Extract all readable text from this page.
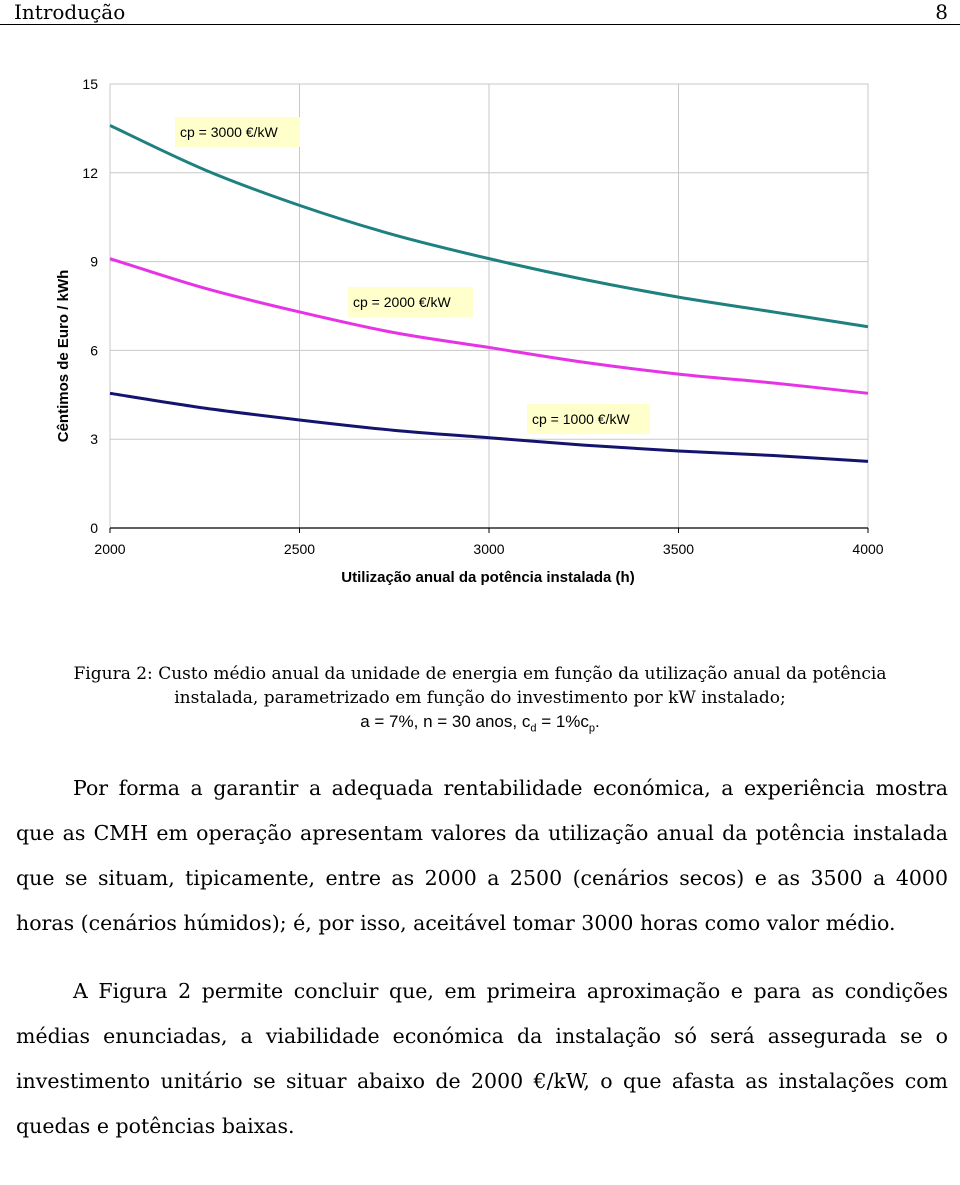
Introdução	8
0
3
6
9
12
15
2000	2500	3000	3500	4000
cp = 3000 €/kW
cp = 2000 €/kW
cp = 1000 €/kW
Utilização anual da potência instalada (h)
Cêntimos de Euro / kWh
Figura 2: Custo médio anual da unidade de energia em função da utilização anual da potência
instalada, parametrizado em função do investimento por kW instalado;
a = 7%, n = 30 anos, $c_d = 1\%c_p$.

Por forma a garantir a adequada rentabilidade económica, a experiência mostra que as CMH em operação apresentam valores da utilização anual da potência instalada que se situam, tipicamente, entre as 2000 a 2500 (cenários secos) e as 3500 a 4000 horas (cenários húmidos); é, por isso, aceitável tomar 3000 horas como valor médio.

A Figura 2 permite concluir que, em primeira aproximação e para as condições médias enunciadas, a viabilidade económica da instalação só será assegurada se o investimento unitário se situar abaixo de 2000 €/kW, o que afasta as instalações com quedas e potências baixas.
